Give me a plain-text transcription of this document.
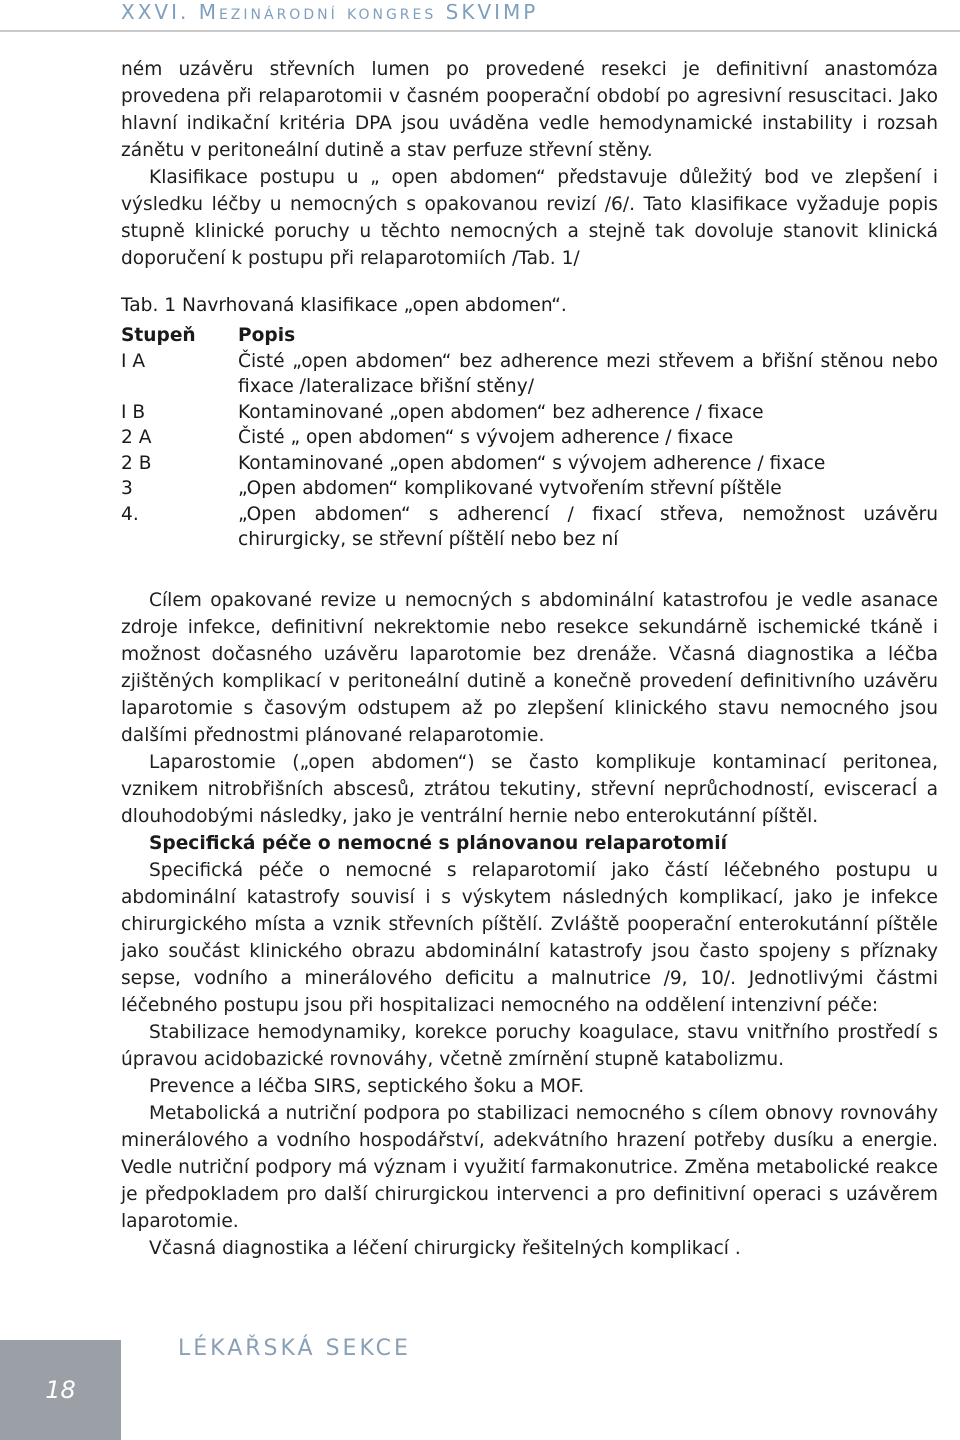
XXVI. Mezinárodní kongres SKVIMP

ném uzávěru střevních lumen po provedené resekci je definitivní anastomóza provedena při relaparotomii v časném pooperační období po agresivní resuscitaci. Jako hlavní indikační kritéria DPA jsou uváděna vedle hemodynamické instability i rozsah zánětu v peritoneální dutině a stav perfuze střevní stěny.

Klasifikace postupu u „ open abdomen“ představuje důležitý bod ve zlepšení i výsledku léčby u nemocných s opakovanou revizí /6/. Tato klasifikace vyžaduje popis stupně klinické poruchy u těchto nemocných a stejně tak dovoluje stanovit klinická doporučení k postupu při relaparotomiích /Tab. 1/

Tab. 1 Navrhovaná klasifikace „open abdomen“.
Stupeň	Popis
I A	Čisté „open abdomen“ bez adherence mezi střevem a břišní stěnou nebo fixace /lateralizace břišní stěny/
I B	Kontaminované „open abdomen“ bez adherence / fixace
2 A	Čisté „ open abdomen“ s vývojem adherence / fixace
2 B	Kontaminované „open abdomen“ s vývojem adherence / fixace
3	„Open abdomen“ komplikované vytvořením střevní píštěle
4.	„Open abdomen“ s adherencí / fixací střeva, nemožnost uzávěru chirurgicky, se střevní píštělí nebo bez ní

Cílem opakované revize u nemocných s abdominální katastrofou je vedle asanace zdroje infekce, definitivní nekrektomie nebo resekce sekundárně ischemické tkáně i možnost dočasného uzávěru laparotomie bez drenáže. Včasná diagnostika a léčba zjištěných komplikací v peritoneální dutině a konečně provedení definitivního uzávěru laparotomie s časovým odstupem až po zlepšení klinického stavu nemocného jsou dalšími přednostmi plánované relaparotomie.

Laparostomie („open abdomen“) se často komplikuje kontaminací peritonea, vznikem nitrobřišních abscesů, ztrátou tekutiny, střevní neprůchodností, evisceracÍ a dlouhodobými následky, jako je ventrální hernie nebo enterokutánní píštěl.

Specifická péče o nemocné s plánovanou relaparotomií

Specifická péče o nemocné s relaparotomií jako částí léčebného postupu u abdominální katastrofy souvisí i s výskytem následných komplikací, jako je infekce chirurgického místa a vznik střevních píštělí. Zvláště pooperační enterokutánní píštěle jako součást klinického obrazu abdominální katastrofy jsou často spojeny s příznaky sepse, vodního a minerálového deficitu a malnutrice /9, 10/. Jednotlivými částmi léčebného postupu jsou při hospitalizaci nemocného na oddělení intenzivní péče:

Stabilizace hemodynamiky, korekce poruchy koagulace, stavu vnitřního prostředí s úpravou acidobazické rovnováhy, včetně zmírnění stupně katabolizmu.

Prevence a léčba SIRS, septického šoku a MOF.

Metabolická a nutriční podpora po stabilizaci nemocného s cílem obnovy rovnováhy minerálového a vodního hospodářství, adekvátního hrazení potřeby dusíku a energie. Vedle nutriční podpory má význam i využití farmakonutrice. Změna metabolické reakce je předpokladem pro další chirurgickou intervenci a pro definitivní operaci s uzávěrem laparotomie.

Včasná diagnostika a léčení chirurgicky řešitelných komplikací .

LÉKAŘSKÁ SEKCE
18
